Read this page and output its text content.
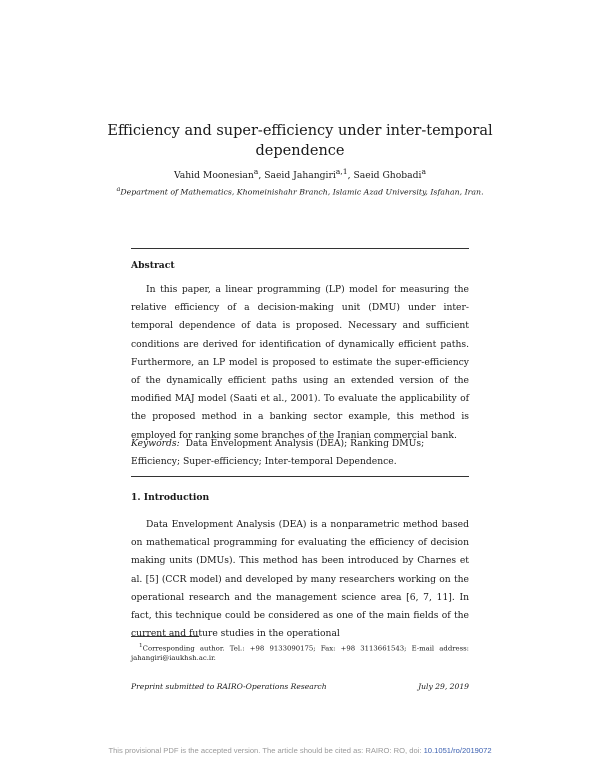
Efficiency and super-efficiency under inter-temporal dependence
Vahid Moonesian$^a$, Saeid Jahangiri$^{a,1}$, Saeid Ghobadi$^a$
$^a$Department of Mathematics, Khomeinishahr Branch, Islamic Azad University, Isfahan, Iran.
Abstract

In this paper, a linear programming (LP) model for measuring the relative efficiency of a decision-making unit (DMU) under inter-temporal dependence of data is proposed. Necessary and sufficient conditions are derived for identification of dynamically efficient paths. Furthermore, an LP model is proposed to estimate the super-efficiency of the dynamically efficient paths using an extended version of the modified MAJ model (Saati et al., 2001). To evaluate the applicability of the proposed method in a banking sector example, this method is employed for ranking some branches of the Iranian commercial bank.

Keywords: Data Envelopment Analysis (DEA); Ranking DMUs; Efficiency; Super-efficiency; Inter-temporal Dependence.

1. Introduction

Data Envelopment Analysis (DEA) is a nonparametric method based on mathematical programming for evaluating the efficiency of decision making units (DMUs). This method has been introduced by Charnes et al. [5] (CCR model) and developed by many researchers working on the operational research and the management science area [6, 7, 11]. In fact, this technique could be considered as one of the main fields of the current and future studies in the operational

$^1$Corresponding author. Tel.: +98 9133090175; Fax: +98 3113661543; E-mail address: jahangiri@iaukhsh.ac.ir.

Preprint submitted to RAIRO-Operations Research	July 29, 2019
This provisional PDF is the accepted version. The article should be cited as: RAIRO: RO, doi: 10.1051/ro/2019072
